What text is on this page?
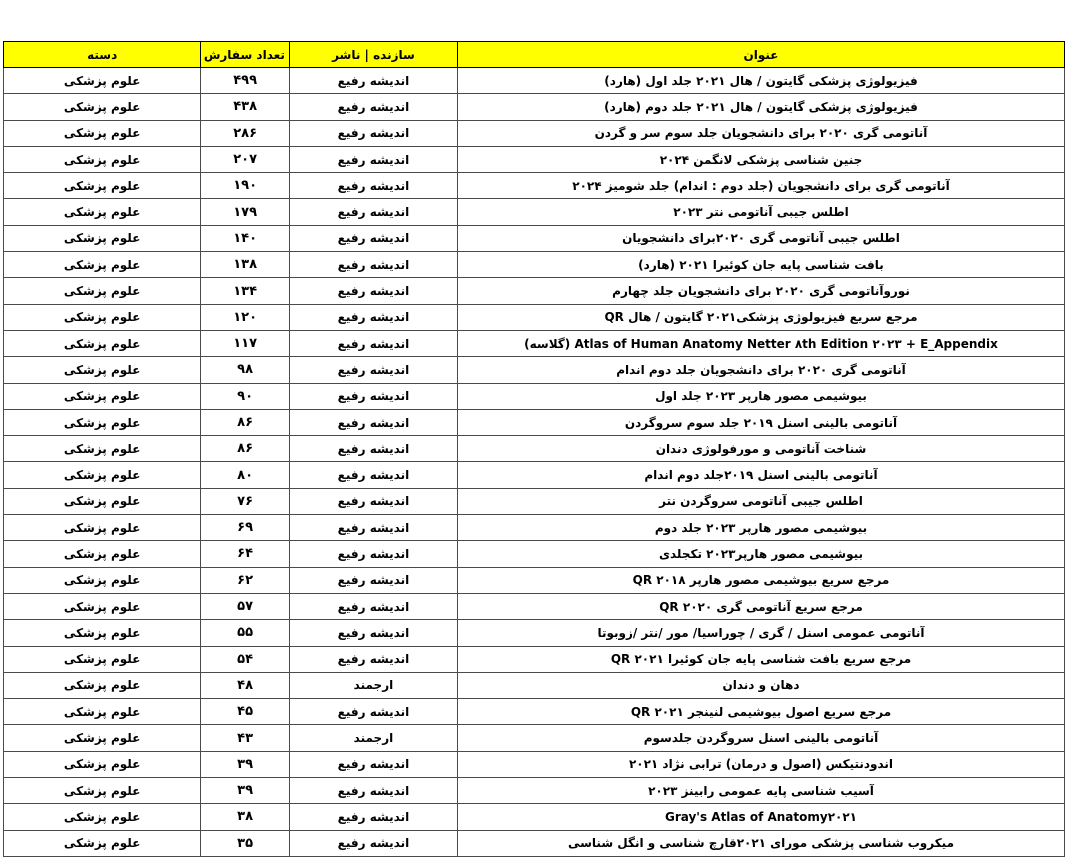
عنوان	سازنده | ناشر	تعداد سفارش	دسته
فیزیولوژی پزشکی گایتون / هال ۲۰۲۱ جلد اول (هارد)	اندیشه رفیع	۴۹۹	علوم پزشکی
فیزیولوژی پزشکی گایتون / هال ۲۰۲۱ جلد دوم (هارد)	اندیشه رفیع	۴۳۸	علوم پزشکی
آناتومی گری ۲۰۲۰ برای دانشجویان جلد سوم سر و گردن	اندیشه رفیع	۲۸۶	علوم پزشکی
جنین شناسی پزشکی لانگمن ۲۰۲۴	اندیشه رفیع	۲۰۷	علوم پزشکی
آناتومی گری برای دانشجویان (جلد دوم : اندام) جلد شومیز ۲۰۲۴	اندیشه رفیع	۱۹۰	علوم پزشکی
اطلس جیبی آناتومی نتر ۲۰۲۳	اندیشه رفیع	۱۷۹	علوم پزشکی
اطلس جیبی آناتومی گری ۲۰۲۰برای دانشجویان	اندیشه رفیع	۱۴۰	علوم پزشکی
بافت شناسی پایه جان کوئیرا ۲۰۲۱ (هارد)	اندیشه رفیع	۱۳۸	علوم پزشکی
نوروآناتومی گری ۲۰۲۰ برای دانشجویان جلد چهارم	اندیشه رفیع	۱۳۴	علوم پزشکی
مرجع سریع فیزیولوژی پزشکی۲۰۲۱ گایتون / هال QR	اندیشه رفیع	۱۲۰	علوم پزشکی
Atlas of Human Anatomy Netter ۸th Edition ۲۰۲۳ + E_Appendix (گلاسه)	اندیشه رفیع	۱۱۷	علوم پزشکی
آناتومی گری ۲۰۲۰ برای دانشجویان جلد دوم اندام	اندیشه رفیع	۹۸	علوم پزشکی
بیوشیمی مصور هارپر ۲۰۲۳ جلد اول	اندیشه رفیع	۹۰	علوم پزشکی
آناتومی بالینی اسنل ۲۰۱۹ جلد سوم سروگردن	اندیشه رفیع	۸۶	علوم پزشکی
شناخت آناتومی و مورفولوژی دندان	اندیشه رفیع	۸۶	علوم پزشکی
آناتومی بالینی اسنل ۲۰۱۹جلد دوم اندام	اندیشه رفیع	۸۰	علوم پزشکی
اطلس جیبی آناتومی سروگردن نتر	اندیشه رفیع	۷۶	علوم پزشکی
بیوشیمی مصور هارپر ۲۰۲۳ جلد دوم	اندیشه رفیع	۶۹	علوم پزشکی
بیوشیمی مصور هارپر۲۰۲۳ تکجلدی	اندیشه رفیع	۶۴	علوم پزشکی
مرجع سریع بیوشیمی مصور هارپر ۲۰۱۸ QR	اندیشه رفیع	۶۲	علوم پزشکی
مرجع سریع آناتومی گری ۲۰۲۰ QR	اندیشه رفیع	۵۷	علوم پزشکی
آناتومی عمومی اسنل / گری / چوراسیا/ مور /نتر /زوبوتا	اندیشه رفیع	۵۵	علوم پزشکی
مرجع سریع بافت شناسی پایه جان کوئیرا ۲۰۲۱ QR	اندیشه رفیع	۵۴	علوم پزشکی
دهان و دندان	ارجمند	۴۸	علوم پزشکی
مرجع سریع اصول بیوشیمی لنینجر ۲۰۲۱ QR	اندیشه رفیع	۴۵	علوم پزشکی
آناتومی بالینی اسنل سروگردن جلدسوم	ارجمند	۴۳	علوم پزشکی
اندودنتیکس (اصول و درمان) ترابی نژاد ۲۰۲۱	اندیشه رفیع	۳۹	علوم پزشکی
آسیب شناسی پایه عمومی رابینز ۲۰۲۳	اندیشه رفیع	۳۹	علوم پزشکی
Gray's Atlas of Anatomy۲۰۲۱	اندیشه رفیع	۳۸	علوم پزشکی
میکروب شناسی پزشکی مورای ۲۰۲۱قارچ شناسی و انگل شناسی	اندیشه رفیع	۳۵	علوم پزشکی
